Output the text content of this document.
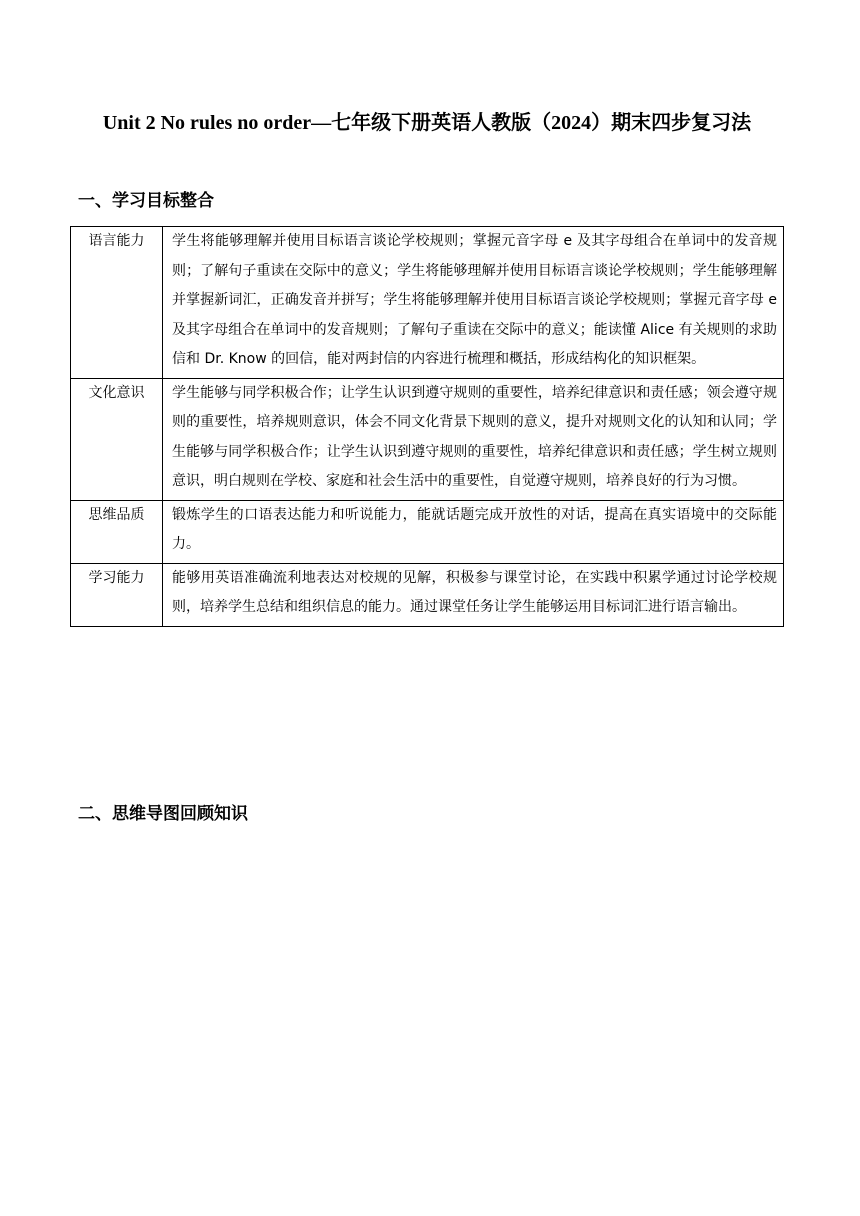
Unit 2 No rules no order—七年级下册英语人教版（2024）期末四步复习法
一、学习目标整合
语言能力	学生将能够理解并使用目标语言谈论学校规则；掌握元音字母 e 及其字母组合在单词中的发音规则；了解句子重读在交际中的意义；学生将能够理解并使用目标语言谈论学校规则；学生能够理解并掌握新词汇，正确发音并拼写；学生将能够理解并使用目标语言谈论学校规则；掌握元音字母 e 及其字母组合在单词中的发音规则；了解句子重读在交际中的意义；能读懂 Alice 有关规则的求助信和 Dr. Know 的回信，能对两封信的内容进行梳理和概括，形成结构化的知识框架。
文化意识	学生能够与同学积极合作；让学生认识到遵守规则的重要性，培养纪律意识和责任感；领会遵守规则的重要性，培养规则意识，体会不同文化背景下规则的意义，提升对规则文化的认知和认同；学生能够与同学积极合作；让学生认识到遵守规则的重要性，培养纪律意识和责任感；学生树立规则意识，明白规则在学校、家庭和社会生活中的重要性，自觉遵守规则，培养良好的行为习惯。
思维品质	锻炼学生的口语表达能力和听说能力，能就话题完成开放性的对话，提高在真实语境中的交际能力。
学习能力	能够用英语准确流利地表达对校规的见解，积极参与课堂讨论，在实践中积累学通过讨论学校规则，培养学生总结和组织信息的能力。通过课堂任务让学生能够运用目标词汇进行语言输出。
二、思维导图回顾知识
